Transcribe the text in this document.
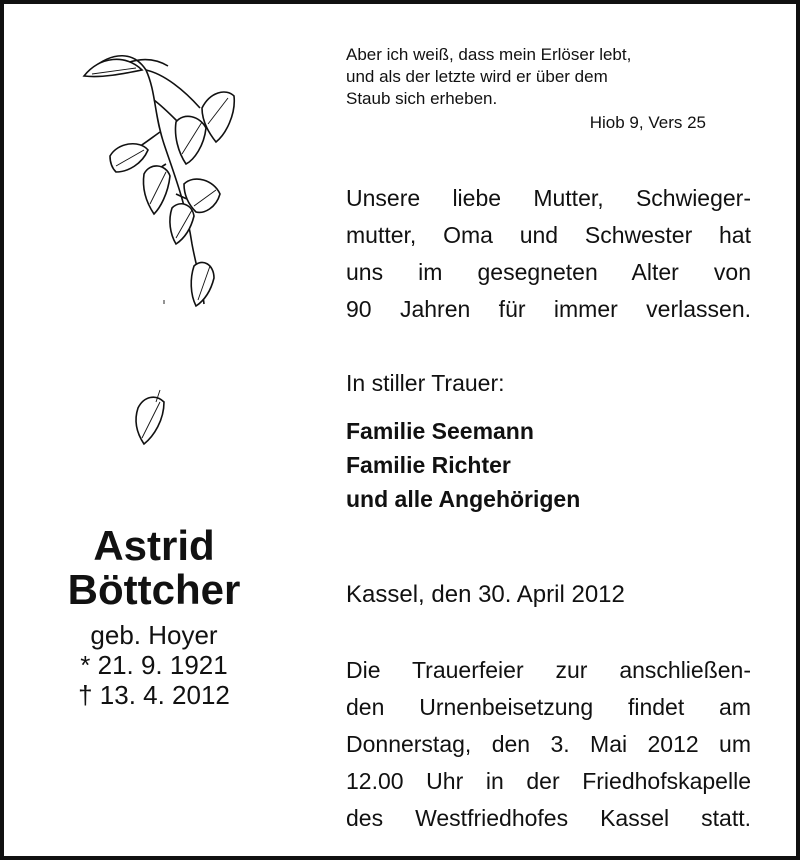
Aber ich weiß, dass mein Erlöser lebt,
und als der letzte wird er über dem
Staub sich erheben.
Hiob 9, Vers 25
Unsere liebe Mutter, Schwieger-
mutter, Oma und Schwester hat
uns im gesegneten Alter von
90 Jahren für immer verlassen.
In stiller Trauer:
Familie Seemann
Familie Richter
und alle Angehörigen
Astrid
Böttcher
geb. Hoyer
* 21. 9. 1921
† 13. 4. 2012
Kassel, den 30. April 2012
Die Trauerfeier zur anschließen-
den Urnenbeisetzung findet am
Donnerstag, den 3. Mai 2012 um
12.00 Uhr in der Friedhofskapelle
des Westfriedhofes Kassel statt.
